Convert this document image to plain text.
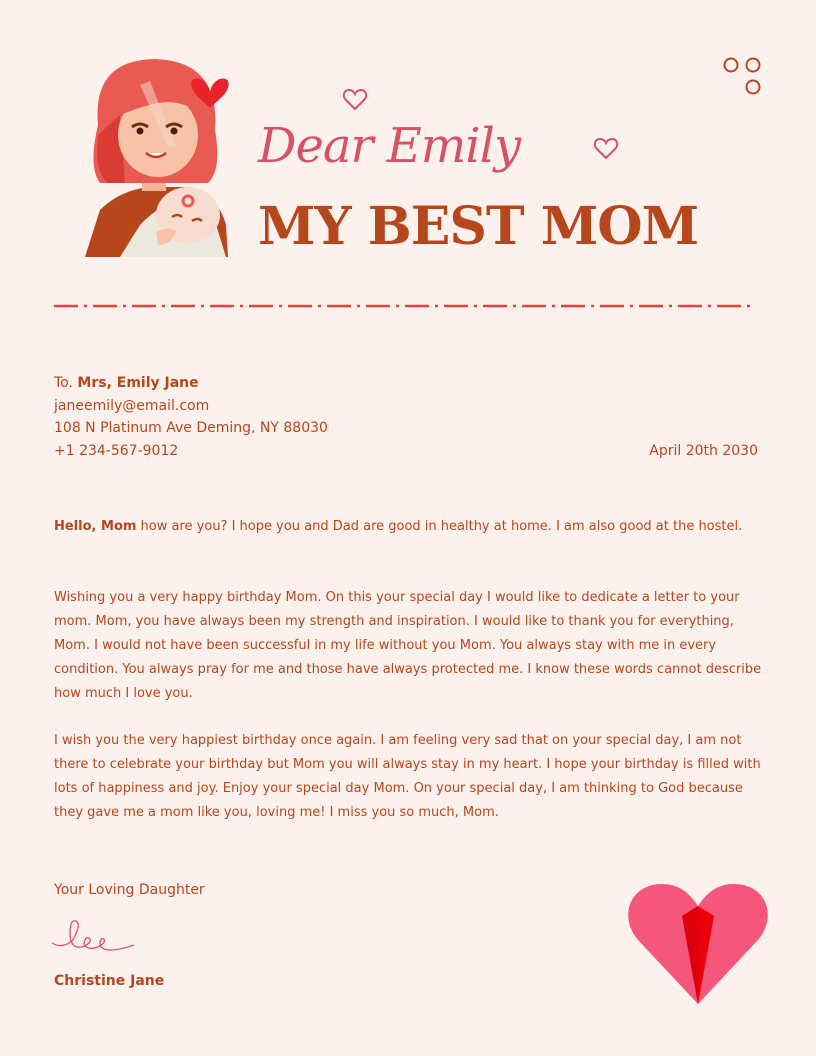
Dear Emily
MY BEST MOM
To. Mrs, Emily Jane
janeemily@email.com
108 N Platinum Ave Deming, NY 88030
+1 234-567-9012	April 20th 2030
Hello, Mom how are you? I hope you and Dad are good in healthy at home. I am also good at the hostel.
Wishing you a very happy birthday Mom. On this your special day I would like to dedicate a letter to your mom. Mom, you have always been my strength and inspiration. I would like to thank you for everything, Mom. I would not have been successful in my life without you Mom. You always stay with me in every condition. You always pray for me and those have always protected me. I know these words cannot describe how much I love you.
I wish you the very happiest birthday once again. I am feeling very sad that on your special day, I am not there to celebrate your birthday but Mom you will always stay in my heart. I hope your birthday is filled with lots of happiness and joy. Enjoy your special day Mom. On your special day, I am thinking to God because they gave me a mom like you, loving me! I miss you so much, Mom.
Your Loving Daughter
Christine Jane
